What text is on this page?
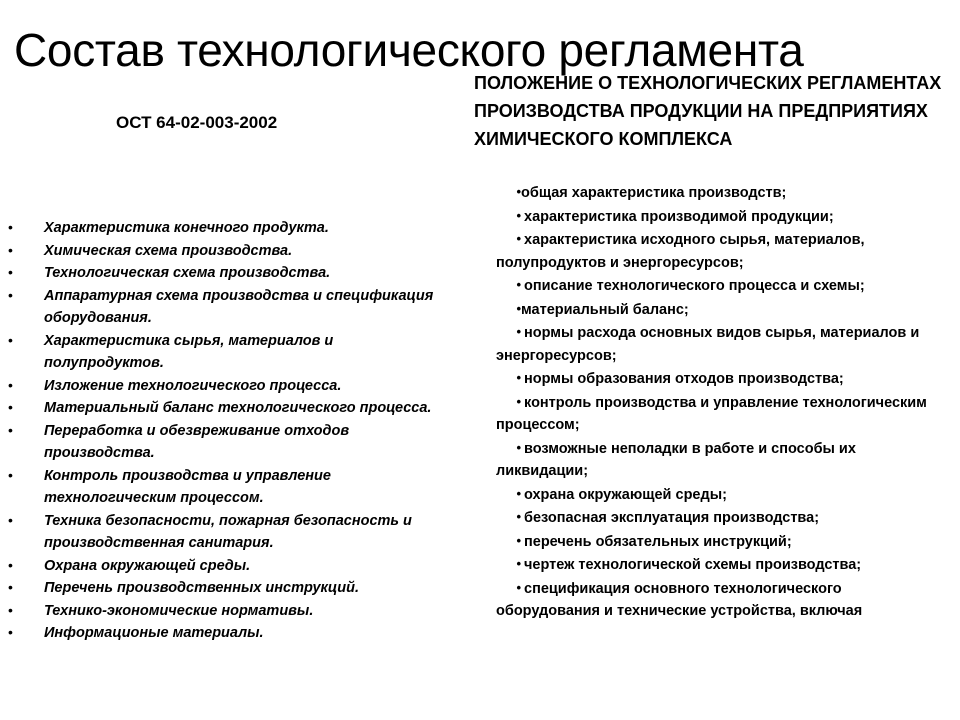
Состав технологического регламента
ОСТ 64-02-003-2002
• Характеристика конечного продукта.
• Химическая схема производства.
• Технологическая схема производства.
• Аппаратурная схема производства и спецификация оборудования.
• Характеристика сырья, материалов и полупродуктов.
• Изложение технологического процесса.
• Материальный баланс технологического процесса.
• Переработка и обезвреживание отходов производства.
• Контроль производства и управление технологическим процессом.
• Техника безопасности, пожарная безопасность и производственная санитария.
• Охрана окружающей среды.
• Перечень производственных инструкций.
• Технико-экономические нормативы.
• Информационые материалы.
ПОЛОЖЕНИЕ О ТЕХНОЛОГИЧЕСКИХ РЕГЛАМЕНТАХ ПРОИЗВОДСТВА ПРОДУКЦИИ НА ПРЕДПРИЯТИЯХ ХИМИЧЕСКОГО КОМПЛЕКСА
•общая характеристика производств;
• характеристика производимой продукции;
• характеристика исходного сырья, материалов, полупродуктов и энергоресурсов;
• описание технологического процесса и схемы;
•материальный баланс;
• нормы расхода основных видов сырья, материалов и энергоресурсов;
• нормы образования отходов производства;
• контроль производства и управление технологическим процессом;
• возможные неполадки в работе и способы их ликвидации;
• охрана окружающей среды;
• безопасная эксплуатация производства;
• перечень обязательных инструкций;
• чертеж технологической схемы производства;
• спецификация основного технологического оборудования и технические устройства, включая
